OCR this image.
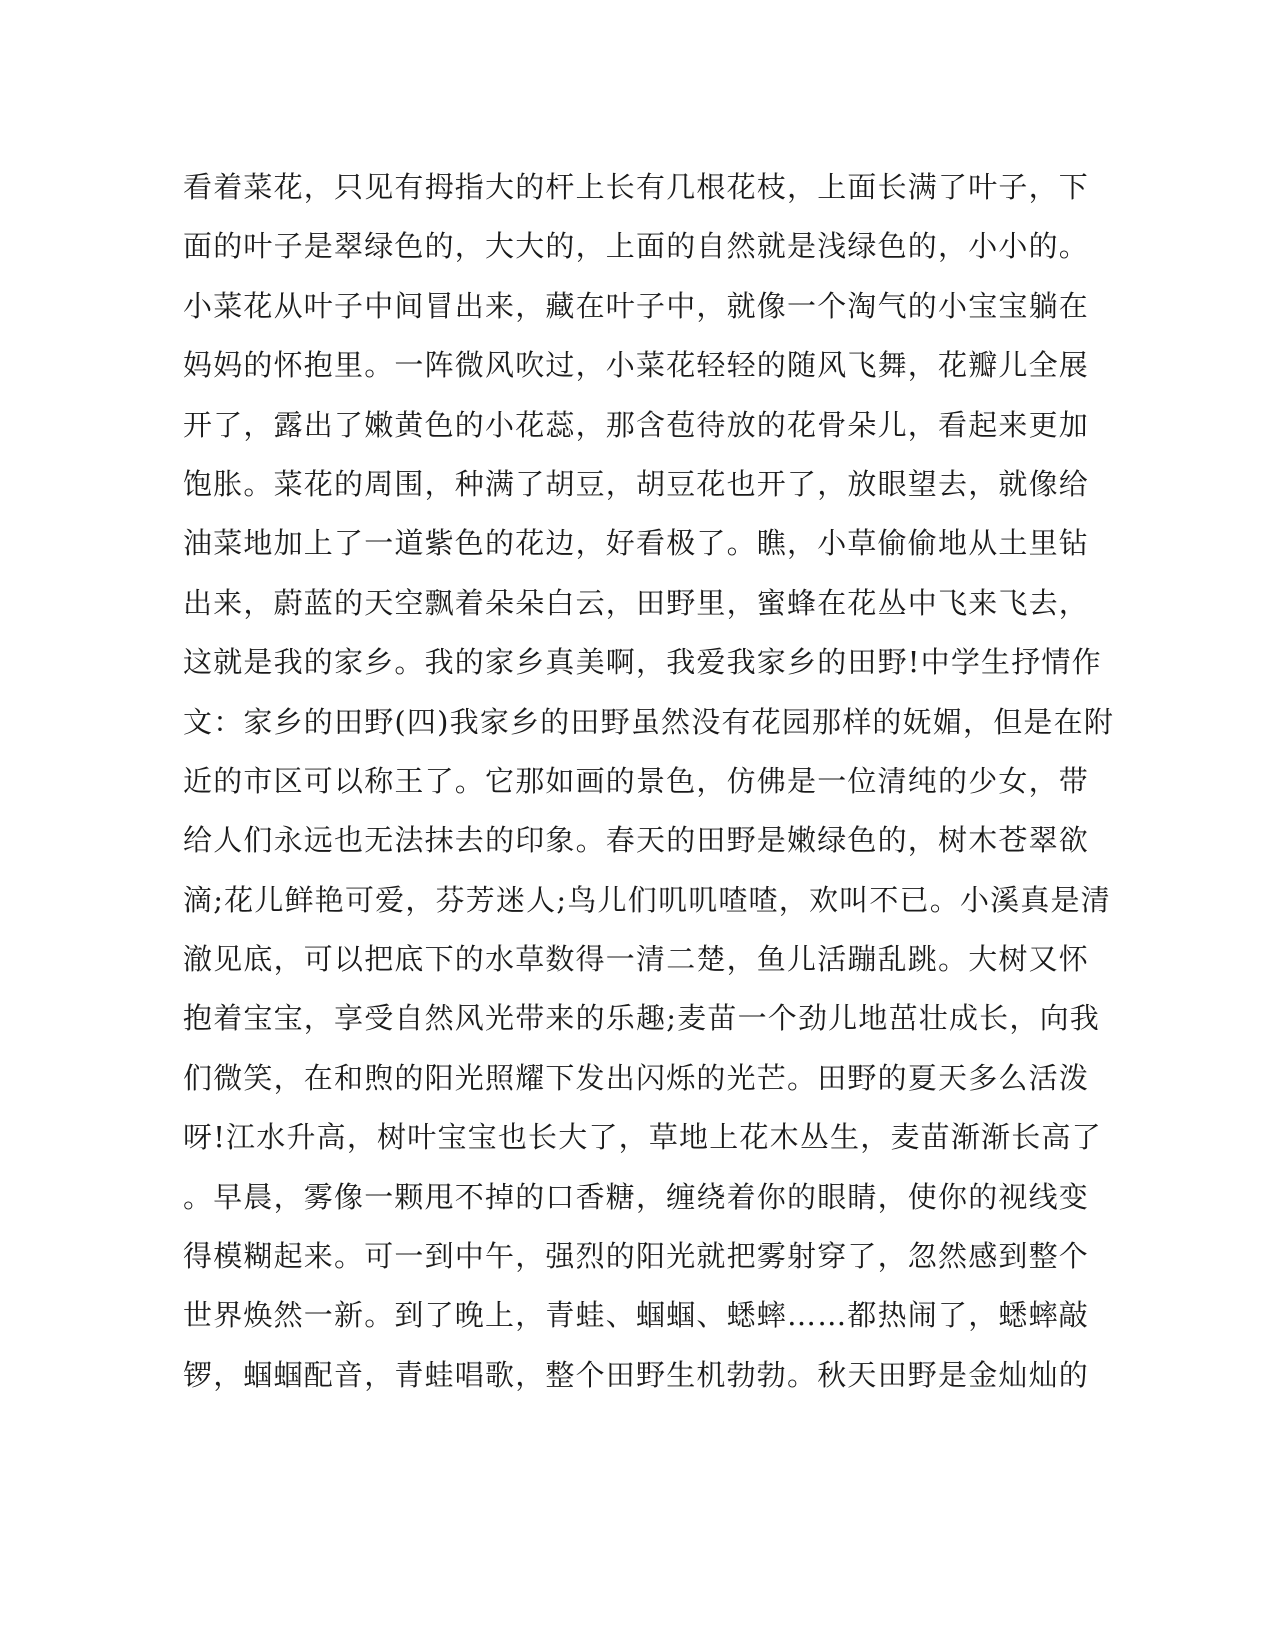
看着菜花，只见有拇指大的杆上长有几根花枝，上面长满了叶子，下
面的叶子是翠绿色的，大大的，上面的自然就是浅绿色的，小小的。
小菜花从叶子中间冒出来，藏在叶子中，就像一个淘气的小宝宝躺在
妈妈的怀抱里。一阵微风吹过，小菜花轻轻的随风飞舞，花瓣儿全展
开了，露出了嫩黄色的小花蕊，那含苞待放的花骨朵儿，看起来更加
饱胀。菜花的周围，种满了胡豆，胡豆花也开了，放眼望去，就像给
油菜地加上了一道紫色的花边，好看极了。瞧，小草偷偷地从土里钻
出来，蔚蓝的天空飘着朵朵白云，田野里，蜜蜂在花丛中飞来飞去，
这就是我的家乡。我的家乡真美啊，我爱我家乡的田野!中学生抒情作
文：家乡的田野(四)我家乡的田野虽然没有花园那样的妩媚，但是在附
近的市区可以称王了。它那如画的景色，仿佛是一位清纯的少女，带
给人们永远也无法抹去的印象。春天的田野是嫩绿色的，树木苍翠欲
滴;花儿鲜艳可爱，芬芳迷人;鸟儿们叽叽喳喳，欢叫不已。小溪真是清
澈见底，可以把底下的水草数得一清二楚，鱼儿活蹦乱跳。大树又怀
抱着宝宝，享受自然风光带来的乐趣;麦苗一个劲儿地茁壮成长，向我
们微笑，在和煦的阳光照耀下发出闪烁的光芒。田野的夏天多么活泼
呀!江水升高，树叶宝宝也长大了，草地上花木丛生，麦苗渐渐长高了
。早晨，雾像一颗甩不掉的口香糖，缠绕着你的眼睛，使你的视线变
得模糊起来。可一到中午，强烈的阳光就把雾射穿了，忽然感到整个
世界焕然一新。到了晚上，青蛙、蝈蝈、蟋蟀……都热闹了，蟋蟀敲
锣，蝈蝈配音，青蛙唱歌，整个田野生机勃勃。秋天田野是金灿灿的
